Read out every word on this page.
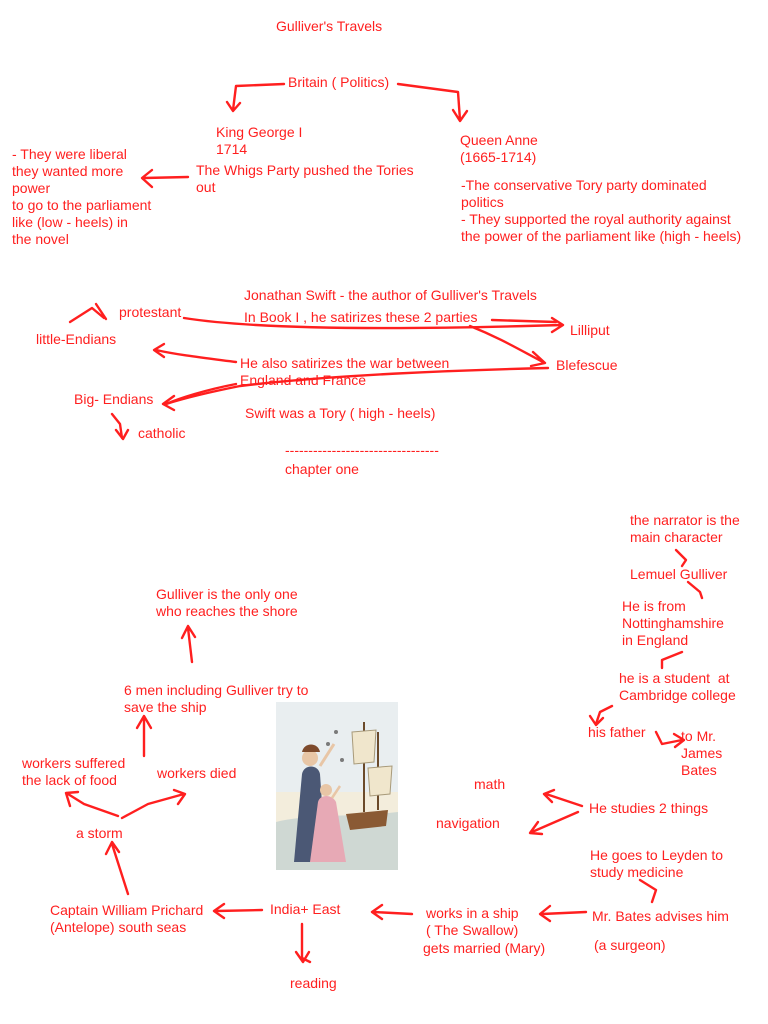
Gulliver's Travels

Britain ( Politics)

King George I
1714

The Whigs Party pushed the Tories
out

- They were liberal
they wanted more
power
to go to the parliament
like (low - heels) in
the novel

Queen Anne
(1665-1714)

-The conservative Tory party dominated
politics
- They supported the royal authority against
the power of the parliament like (high - heels)

Jonathan Swift - the author of Gulliver's Travels

In Book I , he satirizes these 2 parties

protestant

little-Endians

Lilliput

Blefescue

He also satirizes the war between
England and France

Big- Endians

catholic

Swift was a Tory ( high - heels)

---------------------------------

chapter one

the narrator is the
main character

Lemuel Gulliver

He is from
Nottinghamshire
in England

he is a student  at
Cambridge college

his father	to Mr.
James
Bates

He studies 2 things

math

navigation

He goes to Leyden to
study medicine

Mr. Bates advises him

(a surgeon)

works in a ship
( The Swallow)

gets married (Mary)

India+ East

reading

Captain William Prichard
(Antelope) south seas

a storm

workers suffered
the lack of food	workers died

6 men including Gulliver try to
save the ship

Gulliver is the only one
who reaches the shore
